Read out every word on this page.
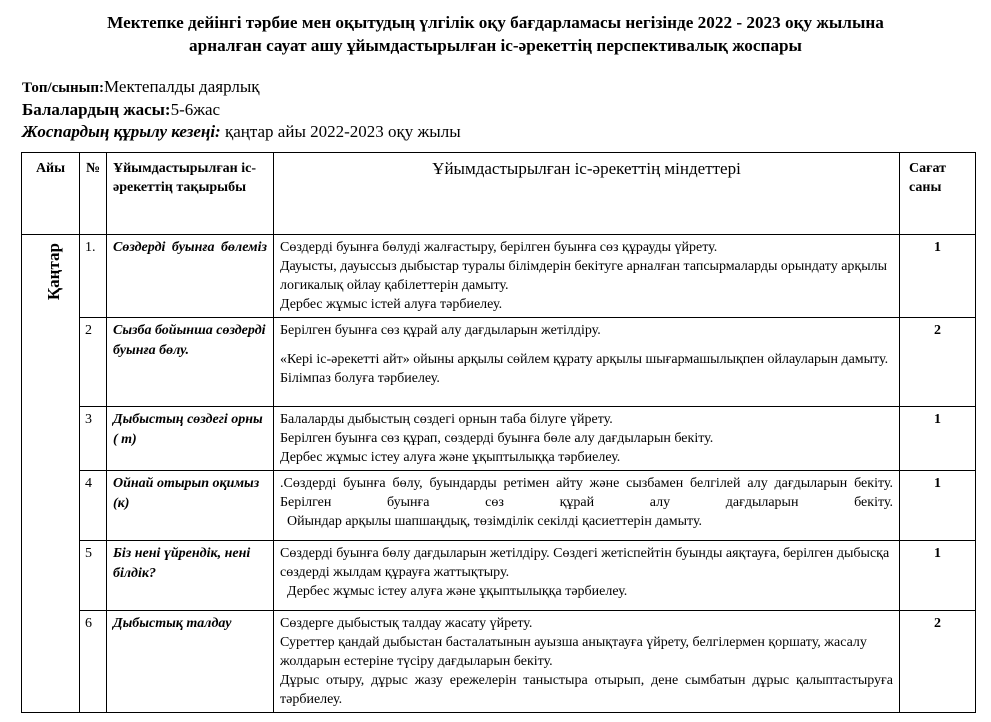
Мектепке дейінгі тәрбие мен оқытудың үлгілік оқу бағдарламасы негізінде 2022 - 2023 оқу жылына
арналған сауат ашу ұйымдастырылған іс-әрекеттің перспективалық жоспары
Топ/сынып:Мектепалды даярлық
Балалардың жасы:5-6жас
Жоспардың құрылу кезеңі: қаңтар айы 2022-2023 оқу жылы
Айы	№	Ұйымдастырылған іс-әрекеттің тақырыбы	Ұйымдастырылған іс-әрекеттің міндеттері	Сағат саны

Қаңтар	1.	Сөздерді буынға бөлеміз	Сөздерді буынға бөлуді жалғастыру, берілген буынға сөз құрауды үйрету.

Дауысты, дауыссыз дыбыстар туралы білімдерін бекітуге арналған тапсырмаларды орындату арқылы логикалық ойлау қабілеттерін дамыту.

Дербес жұмыс істей алуға тәрбиелеу.	1
	2	Сызба бойынша сөздерді буынға бөлу.	Берілген буынға сөз құрай алу дағдыларын жетілдіру.

«Кері іс-әрекетті айт» ойыны арқылы сөйлем құрату арқылы шығармашылықпен ойлауларын дамыту.

Білімпаз болуға тәрбиелеу.	2
	3	Дыбыстың сөздегі орны ( т)	Балаларды дыбыстың сөздегі орнын таба білуге үйрету.

Берілген буынға сөз құрап, сөздерді буынға бөле алу дағдыларын бекіту.

Дербес жұмыс істеу алуға және ұқыптылыққа тәрбиелеу.	1
	4	Ойнай отырып оқимыз (к)	.Сөздерді буынға бөлу, буындарды ретімен айту және сызбамен белгілей алу дағдыларын бекіту. Берілген буынға сөз құрай алу дағдыларын бекіту.

Ойындар арқылы шапшаңдық, төзімділік секілді қасиеттерін дамыту.	1
	5	Біз нені үйрендік, нені білдік?	Сөздерді буынға бөлу дағдыларын жетілдіру. Сөздегі жетіспейтін буынды аяқтауға, берілген дыбысқа сөздерді жылдам құрауға жаттықтыру.

Дербес жұмыс істеу алуға және ұқыптылыққа тәрбиелеу.	1
	6	Дыбыстық талдау	Сөздерге дыбыстық талдау жасату үйрету.

Суреттер қандай дыбыстан басталатынын ауызша анықтауға үйрету, белгілермен қоршату, жасалу жолдарын естеріне түсіру дағдыларын бекіту.

Дұрыс отыру, дұрыс жазу ережелерін таныстыра отырып, дене сымбатын дұрыс қалыптастыруға тәрбиелеу.	2
